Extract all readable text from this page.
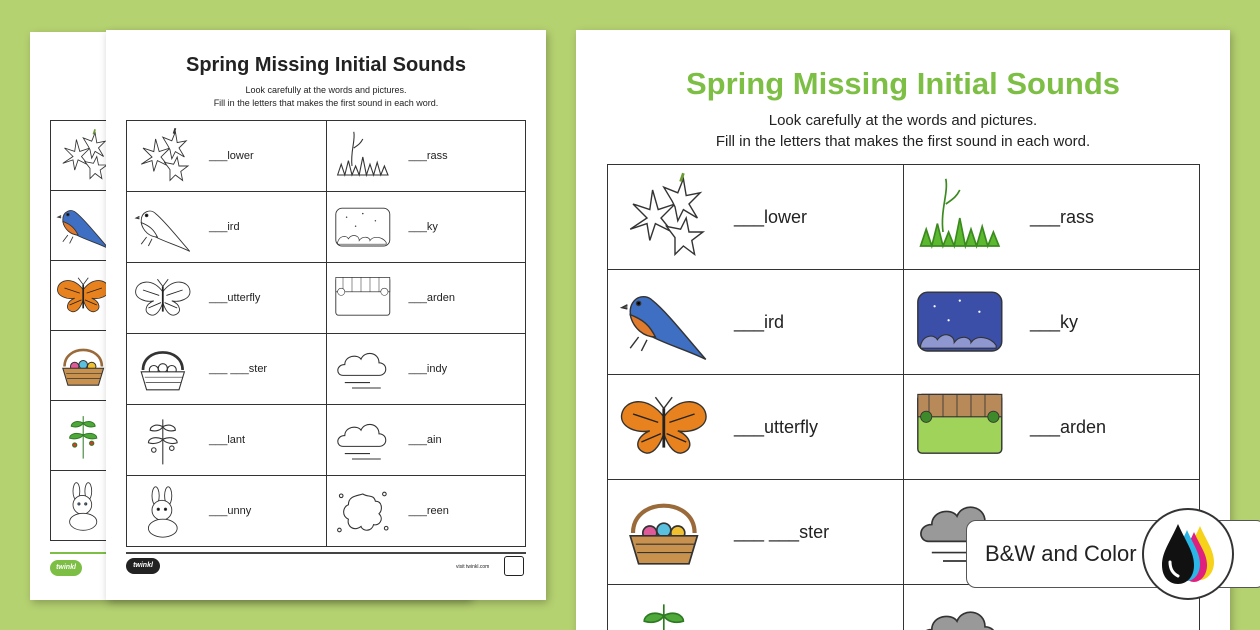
twinkl
Spring Missing Initial Sounds
Look carefully at the words and pictures.
Fill in the letters that makes the first sound in each word.
___lower	___rass

___ird	___ky

___utterfly	___arden

___ ___ster	___indy

___lant	___ain

___unny	___reen
twinkl	visit twinkl.com
Spring Missing Initial Sounds
Look carefully at the words and pictures.
Fill in the letters that makes the first sound in each word.
___lower	___rass

___ird	___ky

___utterfly	___arden

___ ___ster

B&W and Color
